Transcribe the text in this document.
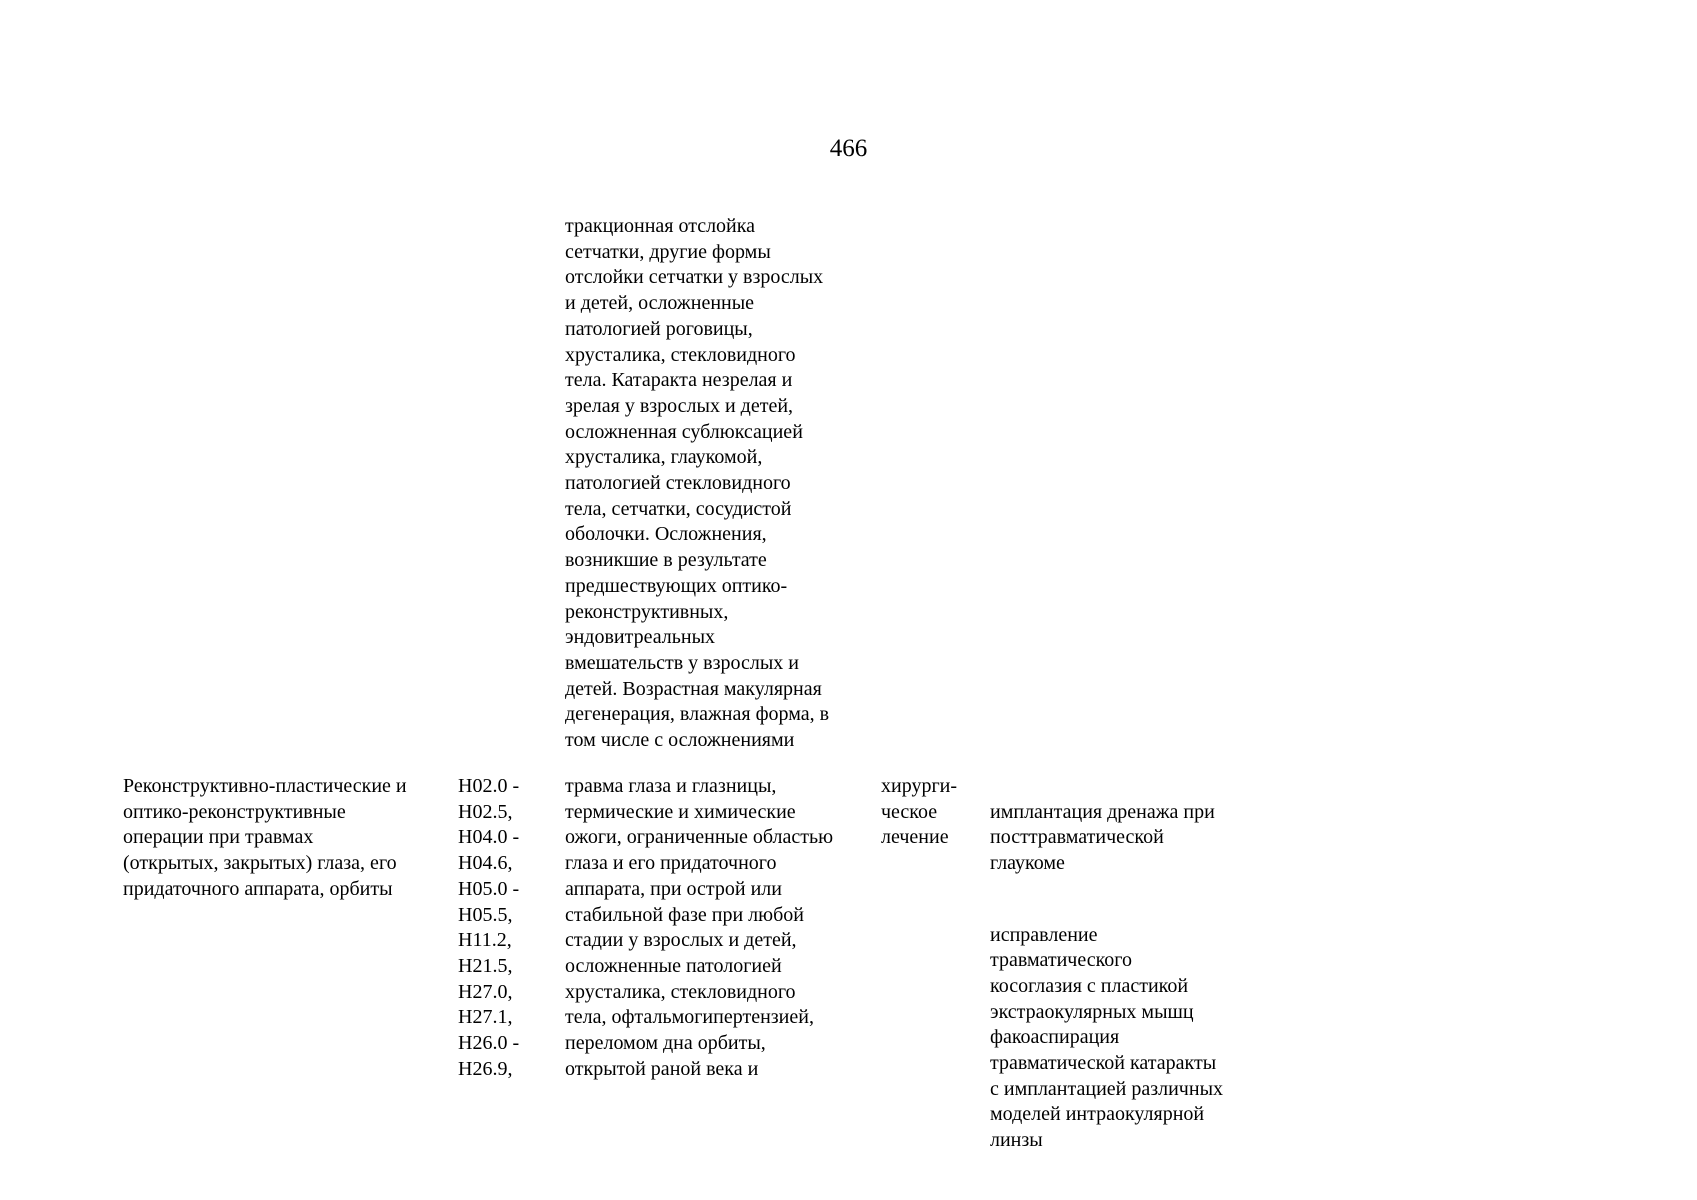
466
тракционная отслойка
сетчатки, другие формы
отслойки сетчатки у взрослых
и детей, осложненные
патологией роговицы,
хрусталика, стекловидного
тела. Катаракта незрелая и
зрелая у взрослых и детей,
осложненная сублюксацией
хрусталика, глаукомой,
патологией стекловидного
тела, сетчатки, сосудистой
оболочки. Осложнения,
возникшие в результате
предшествующих оптико-
реконструктивных,
эндовитреальных
вмешательств у взрослых и
детей. Возрастная макулярная
дегенерация, влажная форма, в
том числе с осложнениями
Реконструктивно-пластические и
оптико-реконструктивные
операции при травмах
(открытых, закрытых) глаза, его
придаточного аппарата, орбиты
H02.0 -
H02.5,
H04.0 -
H04.6,
H05.0 -
H05.5,
H11.2,
H21.5,
H27.0,
H27.1,
H26.0 -
H26.9,
травма глаза и глазницы,
термические и химические
ожоги, ограниченные областью
глаза и его придаточного
аппарата, при острой или
стабильной фазе при любой
стадии у взрослых и детей,
осложненные патологией
хрусталика, стекловидного
тела, офтальмогипертензией,
переломом дна орбиты,
открытой раной века и
хирурги-
ческое
лечение

имплантация дренажа при
посттравматической
глаукоме

исправление
травматического
косоглазия с пластикой
экстраокулярных мышц
факоаспирация
травматической катаракты
с имплантацией различных
моделей интраокулярной
линзы
